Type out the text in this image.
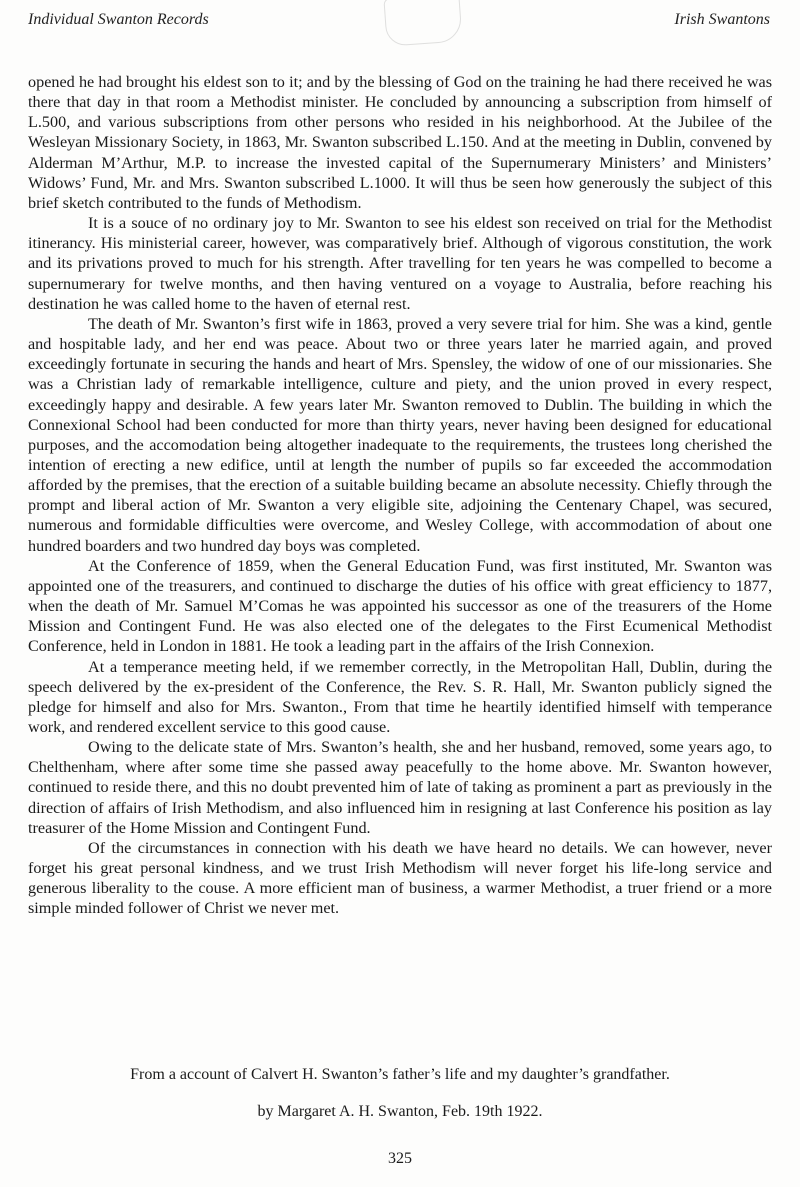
Individual Swanton Records	Irish Swantons

opened he had brought his eldest son to it; and by the blessing of God on the training he had there received he was there that day in that room a Methodist minister. He concluded by announcing a subscription from himself of L.500, and various subscriptions from other persons who resided in his neighborhood. At the Jubilee of the Wesleyan Missionary Society, in 1863, Mr. Swanton subscribed L.150. And at the meeting in Dublin, convened by Alderman M’Arthur, M.P. to increase the invested capital of the Supernumerary Ministers’ and Ministers’ Widows’ Fund, Mr. and Mrs. Swanton subscribed L.1000. It will thus be seen how generously the subject of this brief sketch contributed to the funds of Methodism.

It is a souce of no ordinary joy to Mr. Swanton to see his eldest son received on trial for the Methodist itinerancy. His ministerial career, however, was comparatively brief. Although of vigorous constitution, the work and its privations proved to much for his strength. After travelling for ten years he was compelled to become a supernumerary for twelve months, and then having ventured on a voyage to Australia, before reaching his destination he was called home to the haven of eternal rest.

The death of Mr. Swanton’s first wife in 1863, proved a very severe trial for him. She was a kind, gentle and hospitable lady, and her end was peace. About two or three years later he married again, and proved exceedingly fortunate in securing the hands and heart of Mrs. Spensley, the widow of one of our missionaries. She was a Christian lady of remarkable intelligence, culture and piety, and the union proved in every respect, exceedingly happy and desirable. A few years later Mr. Swanton removed to Dublin. The building in which the Connexional School had been conducted for more than thirty years, never having been designed for educational purposes, and the accomodation being altogether inadequate to the requirements, the trustees long cherished the intention of erecting a new edifice, until at length the number of pupils so far exceeded the accommodation afforded by the premises, that the erection of a suitable building became an absolute necessity. Chiefly through the prompt and liberal action of Mr. Swanton a very eligible site, adjoining the Centenary Chapel, was secured, numerous and formidable difficulties were overcome, and Wesley College, with accommodation of about one hundred boarders and two hundred day boys was completed.

At the Conference of 1859, when the General Education Fund, was first instituted, Mr. Swanton was appointed one of the treasurers, and continued to discharge the duties of his office with great efficiency to 1877, when the death of Mr. Samuel M’Comas he was appointed his successor as one of the treasurers of the Home Mission and Contingent Fund. He was also elected one of the delegates to the First Ecumenical Methodist Conference, held in London in 1881. He took a leading part in the affairs of the Irish Connexion.

At a temperance meeting held, if we remember correctly, in the Metropolitan Hall, Dublin, during the speech delivered by the ex-president of the Conference, the Rev. S. R. Hall, Mr. Swanton publicly signed the pledge for himself and also for Mrs. Swanton., From that time he heartily identified himself with temperance work, and rendered excellent service to this good cause.

Owing to the delicate state of Mrs. Swanton’s health, she and her husband, removed, some years ago, to Chelthenham, where after some time she passed away peacefully to the home above. Mr. Swanton however, continued to reside there, and this no doubt prevented him of late of taking as prominent a part as previously in the direction of affairs of Irish Methodism, and also influenced him in resigning at last Conference his position as lay treasurer of the Home Mission and Contingent Fund.

Of the circumstances in connection with his death we have heard no details. We can however, never forget his great personal kindness, and we trust Irish Methodism will never forget his life-long service and generous liberality to the couse. A more efficient man of business, a warmer Methodist, a truer friend or a more simple minded follower of Christ we never met.

From a account of Calvert H. Swanton’s father’s life and my daughter’s grandfather.
by Margaret A. H. Swanton, Feb. 19th 1922.
325
